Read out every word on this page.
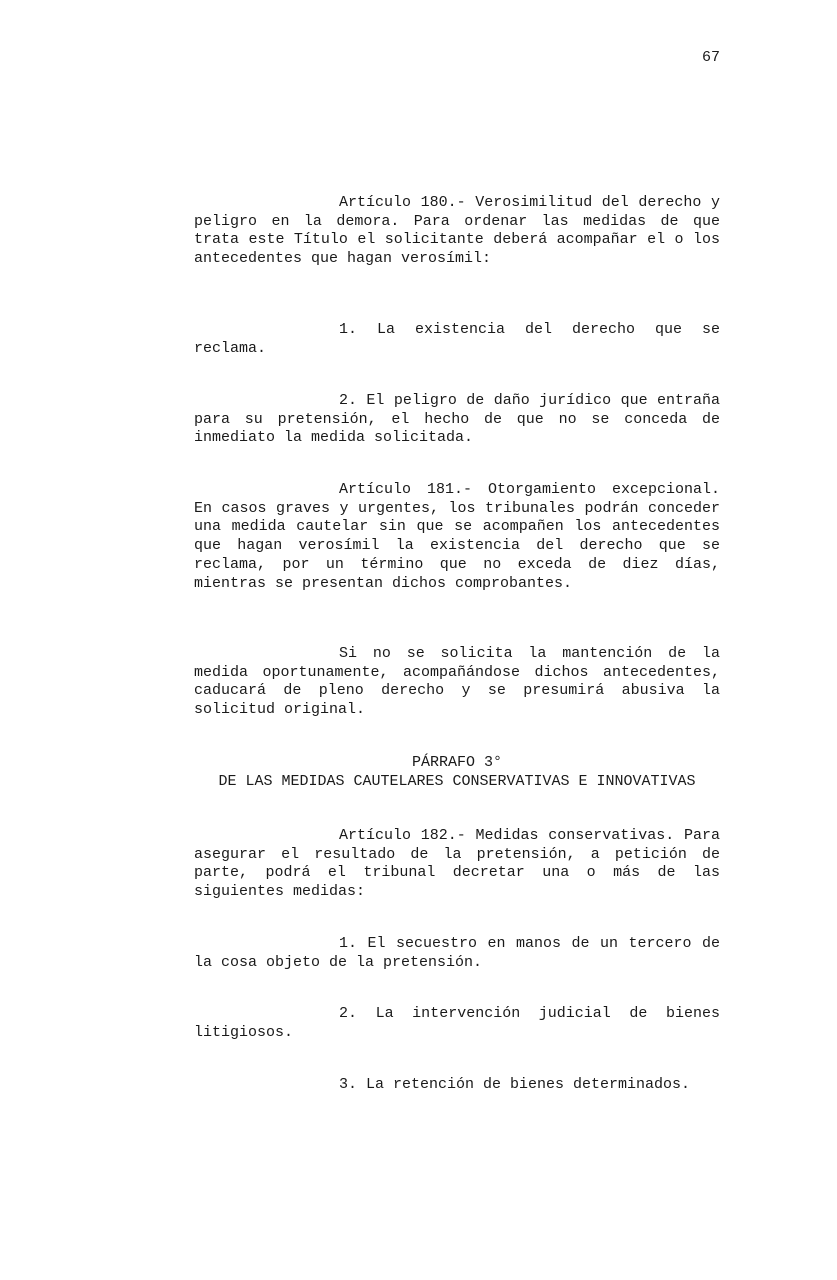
67

Artículo 180.- Verosimilitud del derecho y peligro en la demora. Para ordenar las medidas de que trata este Título el solicitante deberá acompañar el o los antecedentes que hagan verosímil:

1. La existencia del derecho que se reclama.

2. El peligro de daño jurídico que entraña para su pretensión, el hecho de que no se conceda de inmediato la medida solicitada.

Artículo 181.- Otorgamiento excepcional. En casos graves y urgentes, los tribunales podrán conceder una medida cautelar sin que se acompañen los antecedentes que hagan verosímil la existencia del derecho que se reclama, por un término que no exceda de diez días, mientras se presentan dichos comprobantes.

Si no se solicita la mantención de la medida oportunamente, acompañándose dichos antecedentes, caducará de pleno derecho y se presumirá abusiva la solicitud original.

PÁRRAFO 3°
DE LAS MEDIDAS CAUTELARES CONSERVATIVAS E INNOVATIVAS

Artículo 182.- Medidas conservativas. Para asegurar el resultado de la pretensión, a petición de parte, podrá el tribunal decretar una o más de las siguientes medidas:

1. El secuestro en manos de un tercero de la cosa objeto de la pretensión.

2. La intervención judicial de bienes litigiosos.

3. La retención de bienes determinados.
